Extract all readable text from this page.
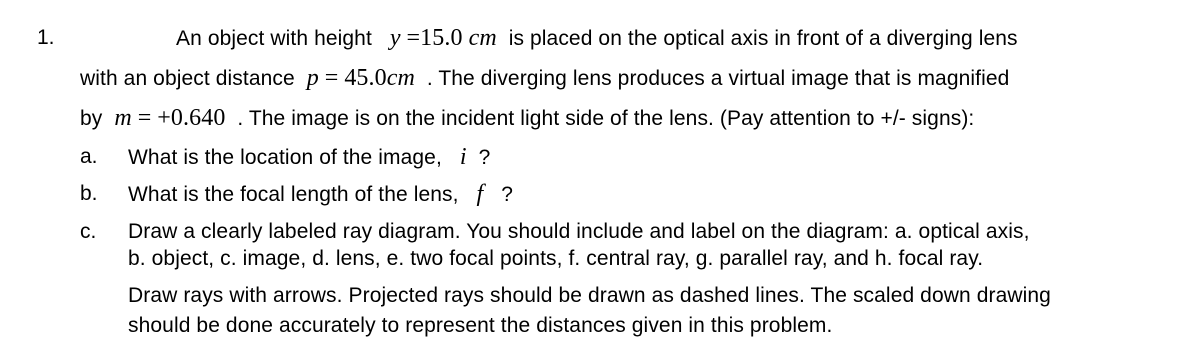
1.	An object with height y =15.0 cm is placed on the optical axis in front of a diverging lens
with an object distance p = 45.0cm . The diverging lens produces a virtual image that is magnified
by m = +0.640 . The image is on the incident light side of the lens. (Pay attention to +/- signs):
a. What is the location of the image, i ?
b. What is the focal length of the lens, f ?
c. Draw a clearly labeled ray diagram. You should include and label on the diagram: a. optical axis,
b. object, c. image, d. lens, e. two focal points, f. central ray, g. parallel ray, and h. focal ray.
Draw rays with arrows. Projected rays should be drawn as dashed lines. The scaled down drawing
should be done accurately to represent the distances given in this problem.
